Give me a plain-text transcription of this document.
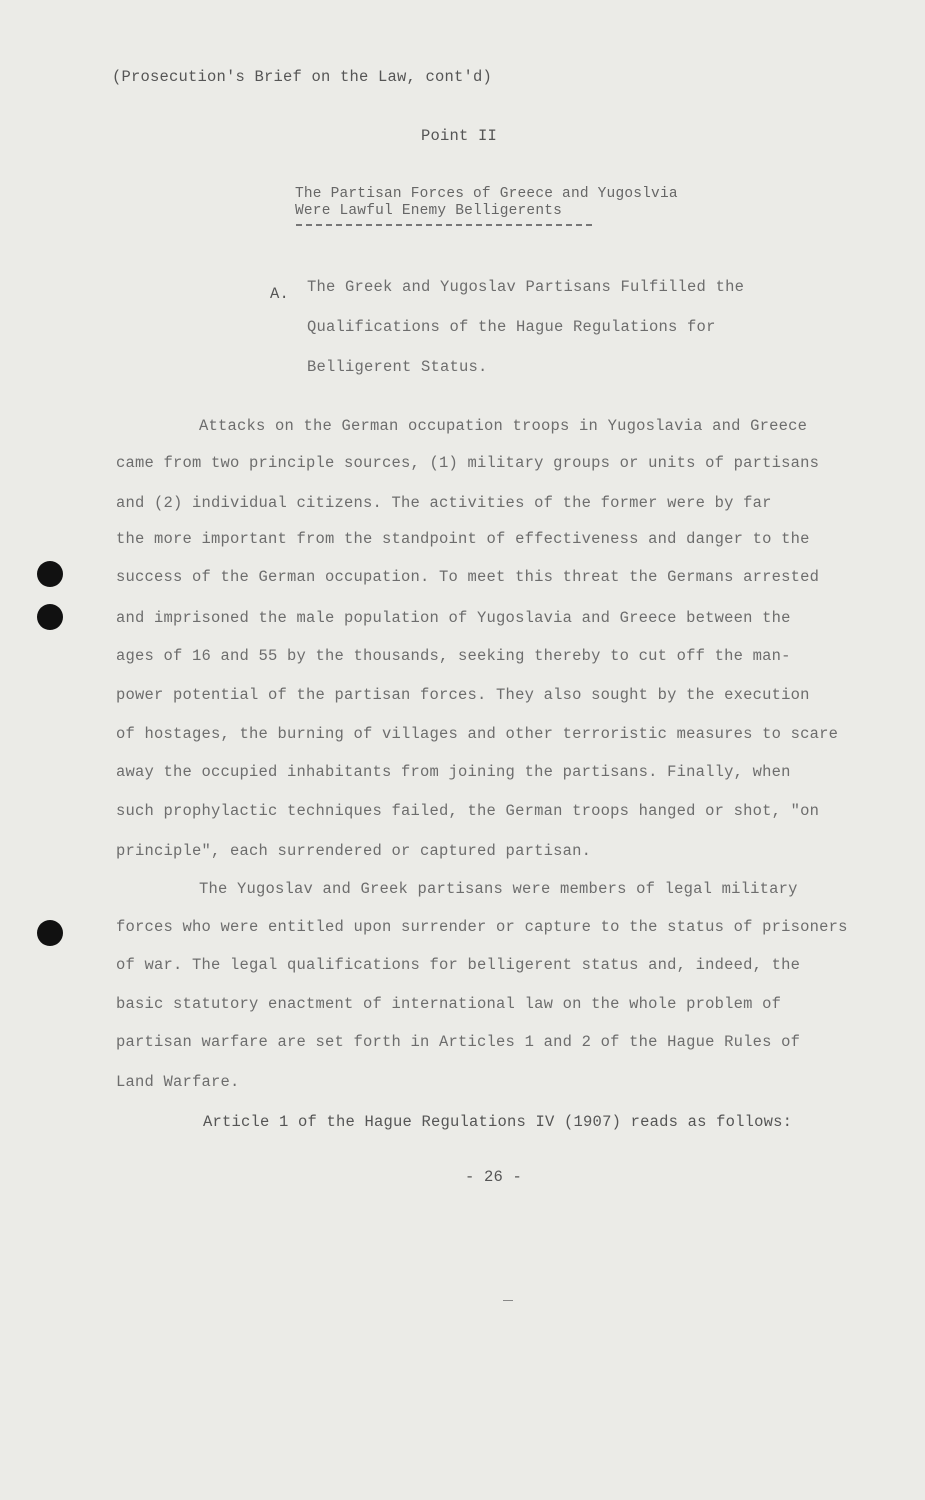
(Prosecution's Brief on the Law, cont'd)
Point II
The Partisan Forces of Greece and Yugoslvia
Were Lawful Enemy Belligerents
A. The Greek and Yugoslav Partisans Fulfilled the
Qualifications of the Hague Regulations for
Belligerent Status.
Attacks on the German occupation troops in Yugoslavia and Greece
came from two principle sources, (1) military groups or units of partisans
and (2) individual citizens. The activities of the former were by far
the more important from the standpoint of effectiveness and danger to the
success of the German occupation. To meet this threat the Germans arrested
and imprisoned the male population of Yugoslavia and Greece between the
ages of 16 and 55 by the thousands, seeking thereby to cut off the man-
power potential of the partisan forces. They also sought by the execution
of hostages, the burning of villages and other terroristic measures to scare
away the occupied inhabitants from joining the partisans. Finally, when
such prophylactic techniques failed, the German troops hanged or shot, "on
principle", each surrendered or captured partisan.
The Yugoslav and Greek partisans were members of legal military
forces who were entitled upon surrender or capture to the status of prisoners
of war. The legal qualifications for belligerent status and, indeed, the
basic statutory enactment of international law on the whole problem of
partisan warfare are set forth in Articles 1 and 2 of the Hague Rules of
Land Warfare.
Article 1 of the Hague Regulations IV (1907) reads as follows:
- 26 -
